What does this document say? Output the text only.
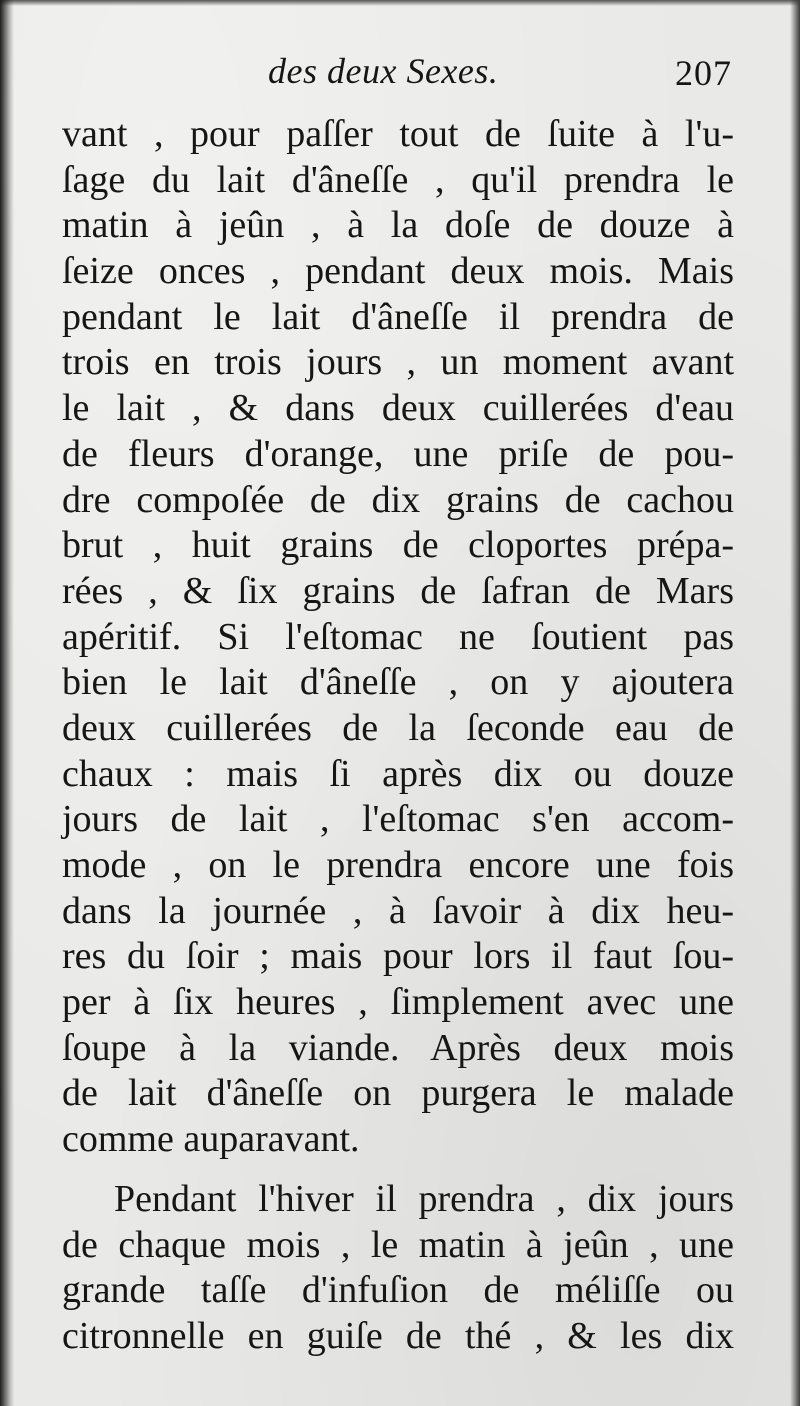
des deux Sexes.	207
vant , pour paſſer tout de ſuite à l'u-
ſage du lait d'âneſſe , qu'il prendra le
matin à jeûn , à la doſe de douze à
ſeize onces , pendant deux mois. Mais
pendant le lait d'âneſſe il prendra de
trois en trois jours , un moment avant
le lait , & dans deux cuillerées d'eau
de fleurs d'orange, une priſe de pou-
dre compoſée de dix grains de cachou
brut , huit grains de cloportes prépa-
rées , & ſix grains de ſafran de Mars
apéritif. Si l'eſtomac ne ſoutient pas
bien le lait d'âneſſe , on y ajoutera
deux cuillerées de la ſeconde eau de
chaux : mais ſi après dix ou douze
jours de lait , l'eſtomac s'en accom-
mode , on le prendra encore une fois
dans la journée , à ſavoir à dix heu-
res du ſoir ; mais pour lors il faut ſou-
per à ſix heures , ſimplement avec une
ſoupe à la viande. Après deux mois
de lait d'âneſſe on purgera le malade
comme auparavant.
Pendant l'hiver il prendra , dix jours
de chaque mois , le matin à jeûn , une
grande taſſe d'infuſion de méliſſe ou
citronnelle en guiſe de thé , & les dix
